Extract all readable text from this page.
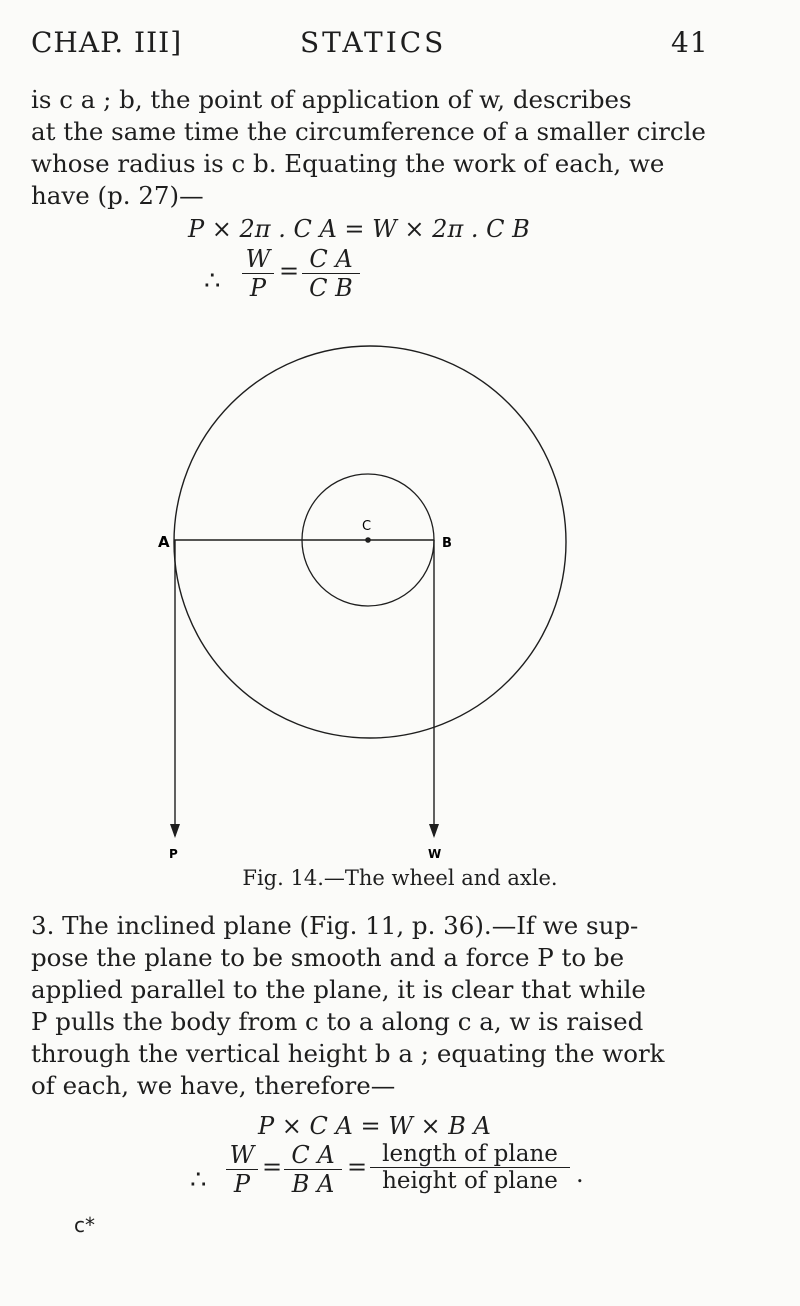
CHAP. III]	STATICS	41
is c a ; b, the point of application of w, describes
at the same time the circumference of a smaller circle
whose radius is c b. Equating the work of each, we
have (p. 27)—
P × 2π . C A = W × 2π . C B
∴ $\frac{W}{P} = \frac{\text{C A}}{\text{C B}}$
A	B
C
P	W
Fig. 14.—The wheel and axle.
3. The inclined plane (Fig. 11, p. 36).—If we sup-
pose the plane to be smooth and a force P to be
applied parallel to the plane, it is clear that while
P pulls the body from c to a along c a, w is raised
through the vertical height b a ; equating the work
of each, we have, therefore—
P × C A = W × B A
∴ $\frac{W}{P} = \frac{\text{C A}}{\text{B A}}$ = length of plane
height of plane .
c*
